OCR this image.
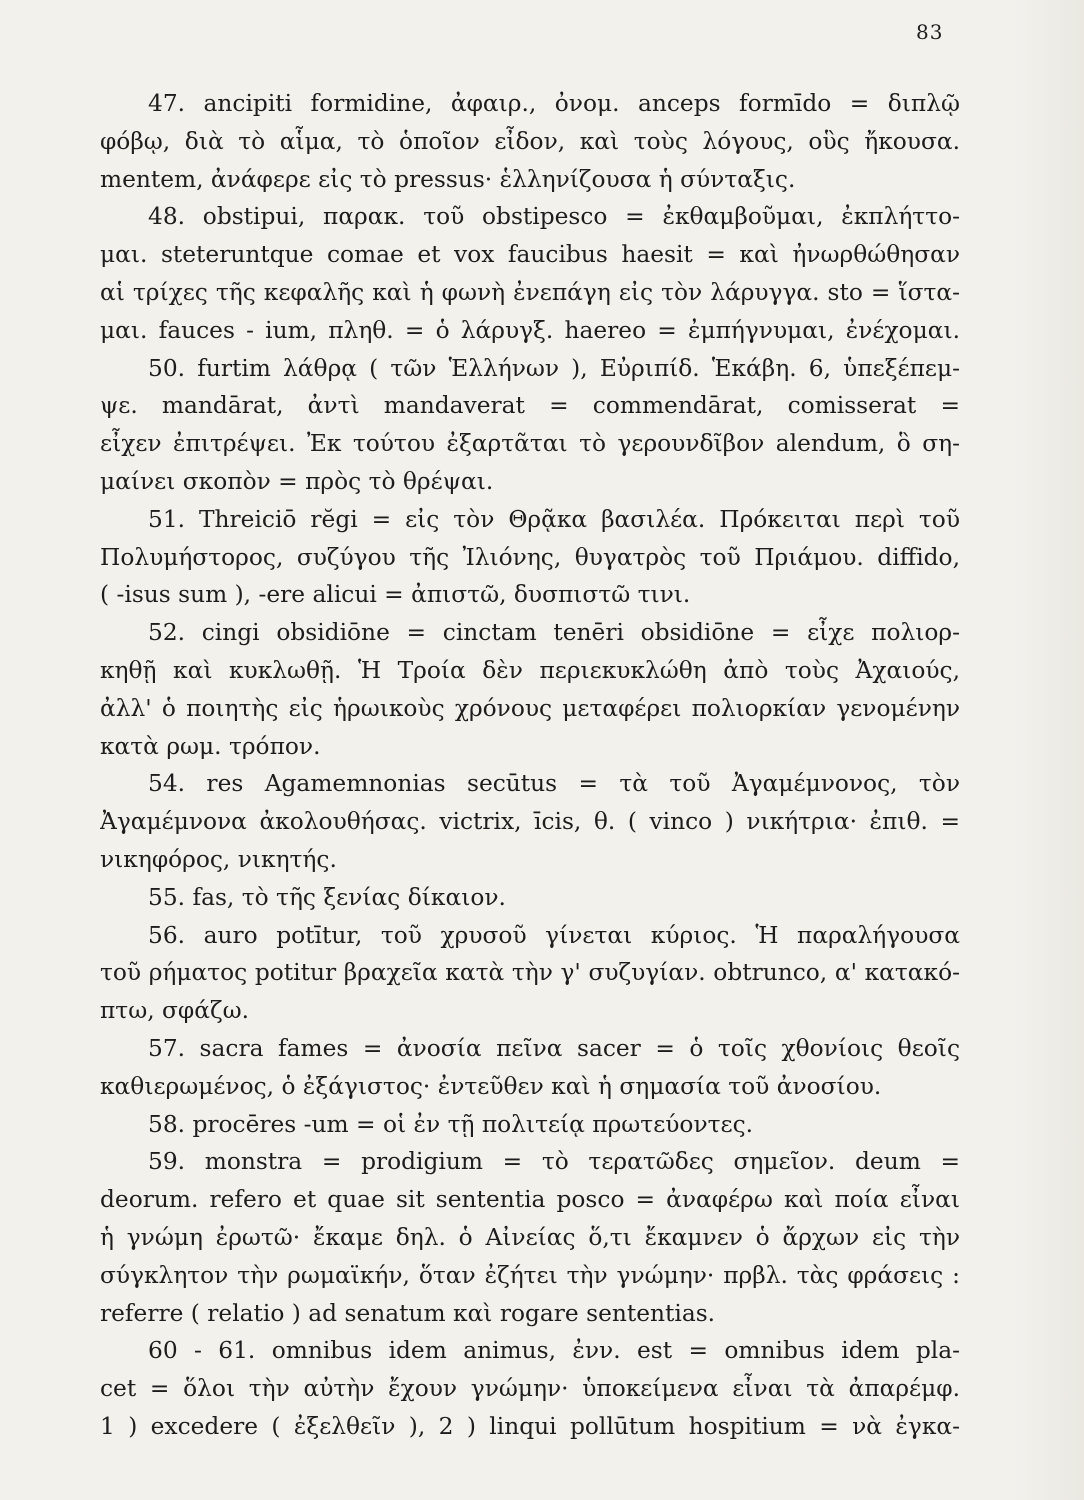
83
47. ancipiti formidine, ἀφαιρ., ὀνομ. anceps formīdo = διπλῷ
φόβῳ, διὰ τὸ αἷμα, τὸ ὁποῖον εἶδον, καὶ τοὺς λόγους, οὓς ἤκουσα.
mentem, ἀνάφερε εἰς τὸ pressus· ἑλληνίζουσα ἡ σύνταξις.
48. obstipui, παρακ. τοῦ obstipesco = ἐκθαμβοῦμαι, ἐκπλήττο-
μαι. steteruntque comae et vox faucibus haesit = καὶ ἠνωρθώθησαν
αἱ τρίχες τῆς κεφαλῆς καὶ ἡ φωνὴ ἐνεπάγη εἰς τὸν λάρυγγα. sto = ἵστα-
μαι. fauces - ium, πληθ. = ὁ λάρυγξ. haereo = ἐμπήγνυμαι, ἐνέχομαι.
50. furtim λάθρᾳ ( τῶν Ἑλλήνων ), Εὐριπίδ. Ἑκάβη. 6, ὑπεξέπεμ-
ψε. mandārat, ἀντὶ mandaverat = commendārat, comisserat =
εἶχεν ἐπιτρέψει. Ἐκ τούτου ἐξαρτᾶται τὸ γερουνδῖβον alendum, ὃ ση-
μαίνει σκοπὸν = πρὸς τὸ θρέψαι.
51. Threiciō rĕgi = εἰς τὸν Θρᾷκα βασιλέα. Πρόκειται περὶ τοῦ
Πολυμήστορος, συζύγου τῆς Ἰλιόνης, θυγατρὸς τοῦ Πριάμου. diffido,
( -isus sum ), -ere alicui = ἀπιστῶ, δυσπιστῶ τινι.
52. cingi obsidiōne = cinctam tenēri obsidiōne = εἶχε πολιορ-
κηθῇ καὶ κυκλωθῇ. Ἡ Τροία δὲν περιεκυκλώθη ἀπὸ τοὺς Ἀχαιούς,
ἀλλ' ὁ ποιητὴς εἰς ἡρωικοὺς χρόνους μεταφέρει πολιορκίαν γενομένην
κατὰ ρωμ. τρόπον.
54. res Agamemnonias secūtus = τὰ τοῦ Ἀγαμέμνονος, τὸν
Ἀγαμέμνονα ἀκολουθήσας. victrix, īcis, θ. ( vinco ) νικήτρια· ἐπιθ. =
νικηφόρος, νικητής.
55. fas, τὸ τῆς ξενίας δίκαιον.
56. auro potītur, τοῦ χρυσοῦ γίνεται κύριος. Ἡ παραλήγουσα
τοῦ ρήματος potitur βραχεῖα κατὰ τὴν γ' συζυγίαν. obtrunco, α' κατακό-
πτω, σφάζω.
57. sacra fames = ἀνοσία πεῖνα sacer = ὁ τοῖς χθονίοις θεοῖς
καθιερωμένος, ὁ ἐξάγιστος· ἐντεῦθεν καὶ ἡ σημασία τοῦ ἀνοσίου.
58. procēres -um = οἱ ἐν τῇ πολιτείᾳ πρωτεύοντες.
59. monstra = prodigium = τὸ τερατῶδες σημεῖον. deum =
deorum. refero et quae sit sententia posco = ἀναφέρω καὶ ποία εἶναι
ἡ γνώμη ἐρωτῶ· ἔκαμε δηλ. ὁ Αἰνείας ὅ,τι ἔκαμνεν ὁ ἄρχων εἰς τὴν
σύγκλητον τὴν ρωμαϊκήν, ὅταν ἐζήτει τὴν γνώμην· πρβλ. τὰς φράσεις :
referre ( relatio ) ad senatum καὶ rogare sententias.
60 - 61. omnibus idem animus, ἐνν. est = omnibus idem pla-
cet = ὅλοι τὴν αὐτὴν ἔχουν γνώμην· ὑποκείμενα εἶναι τὰ ἀπαρέμφ.
1 ) excedere ( ἐξελθεῖν ), 2 ) linqui pollūtum hospitium = νὰ ἐγκα-
